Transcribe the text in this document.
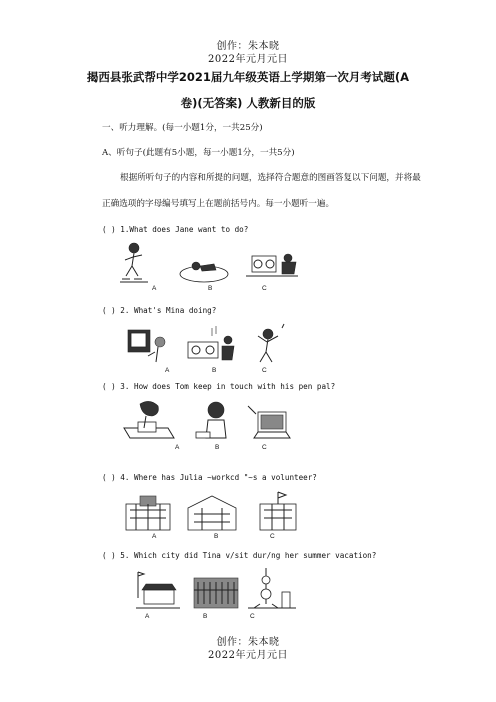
创作：朱本晓
2022年元月元日
揭西县张武帮中学2021届九年级英语上学期第一次月考试题(A
卷)(无答案) 人教新目的版
一、听力理解。(每一小题1分，一共25分)
A、听句子(此题有5小题，每一小题1分，一共5分)
根据所听句子的内容和所提的问题，选择符合题意的图画答复以下问题，并将最
正确选项的字母编号填写上在题前括号内。每一小题听一遍。
( ) 1.What does Jane want to do?
A	B	C
( ) 2. What's Mina doing?
A	B	C
( ) 3. How does Tom keep in touch with his pen pal?
A	B	C
( ) 4. Where has Julia ~workcd "~s a volunteer?
A	B	C
( ) 5. Which city did Tina v/sit dur/ng her summer vacation?
A	B	C
创作：朱本晓
2022年元月元日
